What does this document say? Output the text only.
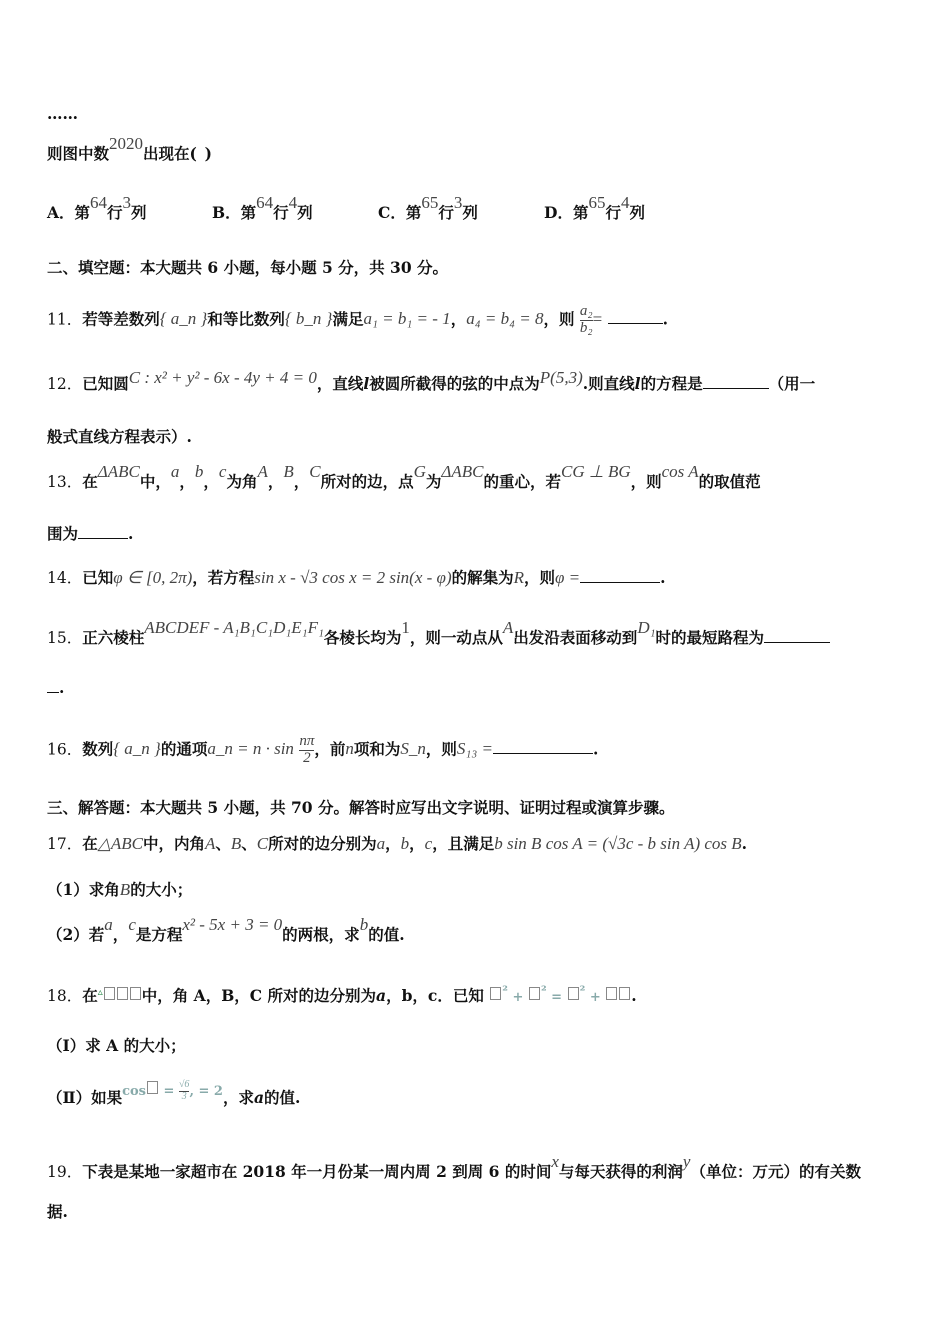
……
则图中数2020出现在( )
A．第64行3列	B．第64行4列	C．第65行3列	D．第65行4列
二、填空题：本大题共 6 小题，每小题 5 分，共 30 分。
11．若等差数列{ a_n }和等比数列{ b_n }满足a₁ = b₁ = - 1，a₄ = b₄ = 8，则 $\frac{\text{a₂}}{\text{b₂}}$ =	.
12．已知圆C : x² + y² - 6x - 4y + 4 = 0，直线l被圆所截得的弦的中点为P(5,3).则直线l的方程是	（用一
般式直线方程表示）.
13．在ΔABC中，a，b，c为角A，B，C所对的边，点G为ΔABC的重心，若CG ⊥ BG，则cos A的取值范
围为	.
14．已知φ ∈ [0, 2π)，若方程sin x - √3 cos x = 2 sin(x - φ)的解集为R，则φ =	.
15．正六棱柱ABCDEF - A₁B₁C₁D₁E₁F₁各棱长均为1，则一动点从A出发沿表面移动到D₁时的最短路程为
.
16．数列{ a_n }的通项a_n = $n \cdot \sin \frac{n\pi}{2}$ ，前n项和为S_n，则S₁₃ =	.
三、解答题：本大题共 5 小题，共 70 分。解答时应写出文字说明、证明过程或演算步骤。
17．在△ABC中，内角A、B、C所对的边分别为a，b，c，且满足b sin B cos A = (√3c - b sin A) cos B.
（1）求角B的大小；
（2）若a，c是方程x² - 5x + 3 = 0的两根，求b的值.
18．在▵	中，角 A，B，C 所对的边分别为a，b，c．已知 $^{^2}$ + $^{^2}$ = $^{^2}$ + .
（Ⅰ）求 A 的大小；
（Ⅱ）如果$^{cos}$ $^= \frac{√6}{3} ^{, = 2}$，求a的值.
19．下表是某地一家超市在 2018 年一月份某一周内周 2 到周 6 的时间x与每天获得的利润y（单位：万元）的有关数
据.
